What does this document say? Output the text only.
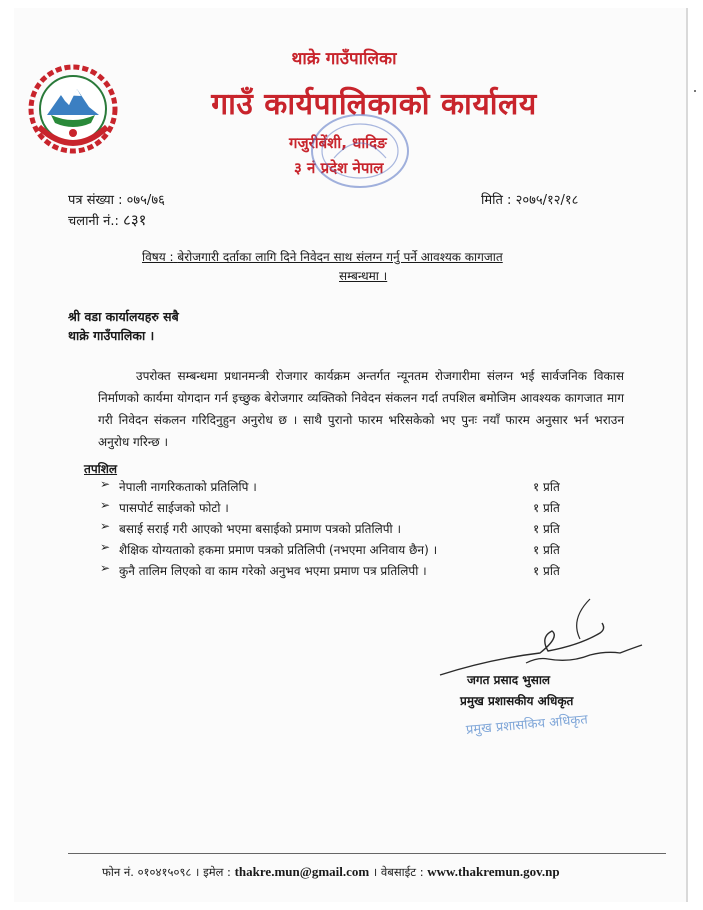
थाक्रे गाउँपालिका
गाउँ कार्यपालिकाको कार्यालय
गजुरीबेंशी, धादिङ
३ नं प्रदेश नेपाल
पत्र संख्या : ०७५/७६
चलानी नं.: ८३१
मिति : २०७५/१२/१८
विषय : बेरोजगारी दर्ताका लागि दिने निवेदन साथ संलग्न गर्नु पर्ने आवश्यक कागजात
सम्बन्धमा ।
श्री वडा कार्यालयहरु सबै
थाक्रे गाउँपालिका ।
उपरोक्त सम्बन्धमा प्रधानमन्त्री रोजगार कार्यक्रम अन्तर्गत न्यूनतम रोजगारीमा संलग्न भई सार्वजनिक विकास निर्माणको कार्यमा योगदान गर्न इच्छुक बेरोजगार व्यक्तिको निवेदन संकलन गर्दा तपशिल बमोजिम आवश्यक कागजात माग गरी निवेदन संकलन गरिदिनुहुन अनुरोध छ । साथै पुरानो फारम भरिसकेको भए पुनः नयाँ फारम अनुसार भर्न भराउन अनुरोध गरिन्छ ।
तपशिल
➢ नेपाली नागरिकताको प्रतिलिपि ।	१ प्रति
➢ पासपोर्ट साईजको फोटो ।	१ प्रति
➢ बसाई सराई गरी आएको भएमा बसाईको प्रमाण पत्रको प्रतिलिपी ।	१ प्रति
➢ शैक्षिक योग्यताको हकमा प्रमाण पत्रको प्रतिलिपी (नभएमा अनिवाय छैन) ।	१ प्रति
➢ कुनै तालिम लिएको वा काम गरेको अनुभव भएमा प्रमाण पत्र प्रतिलिपी ।	१ प्रति
जगत प्रसाद भुसाल
प्रमुख प्रशासकीय अधिकृत
प्रमुख प्रशासकिय अधिकृत
फोन नं. ०१०४१५०९८ । इमेल : thakre.mun@gmail.com । वेबसाईट : www.thakremun.gov.np
